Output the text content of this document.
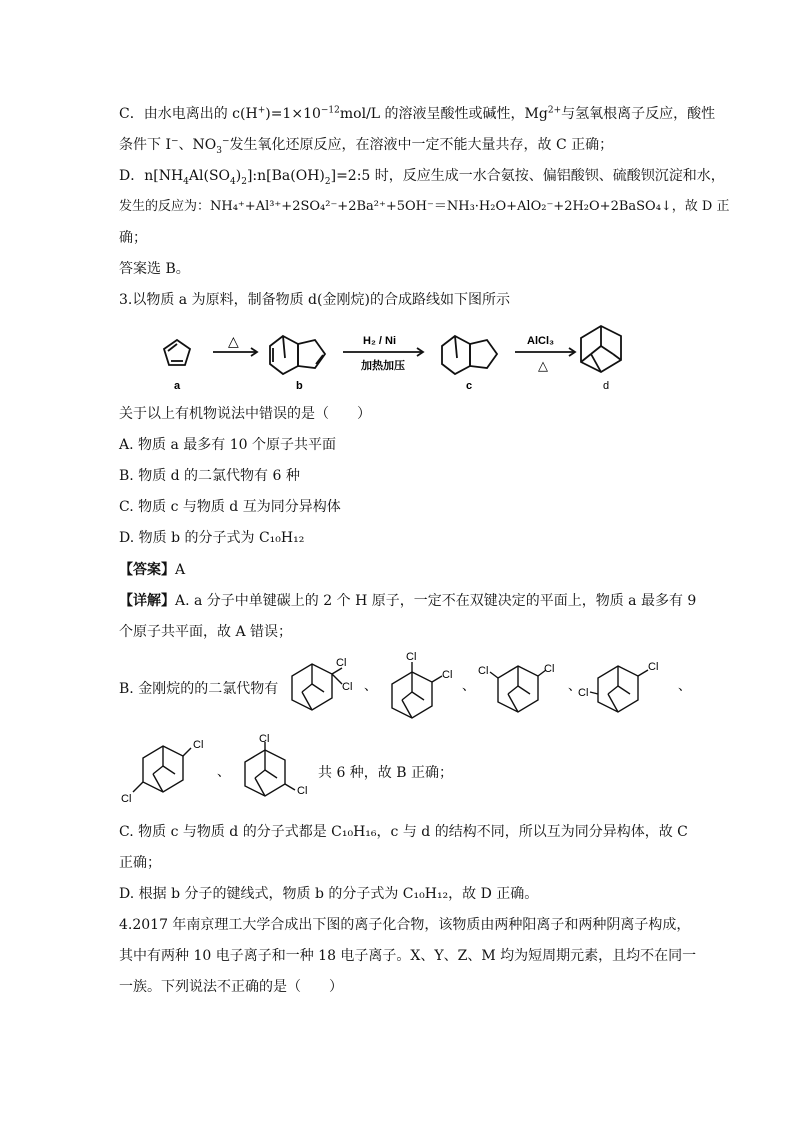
C．由水电离出的 $c(H^+)=1\times 10^{-12}mol/L$ 的溶液呈酸性或碱性，$Mg^{2+}$与氢氧根离子反应，酸性
条件下 I−、$NO_3^-$发生氧化还原反应，在溶液中一定不能大量共存，故 C 正确；
D．$n[NH_4Al(SO_4)_2]:n[Ba(OH)_2]=2:5$ 时，反应生成一水合氨按、偏铝酸钡、硫酸钡沉淀和水，
发生的反应为：NH₄⁺+Al³⁺+2SO₄²⁻+2Ba²⁺+5OH⁻＝NH₃·H₂O+AlO₂⁻+2H₂O+2BaSO₄↓，故 D 正
确；
答案选 B。
3.以物质 a 为原料，制备物质 d(金刚烷)的合成路线如下图所示
a
△
b
H₂ / Ni
加热加压
c
AlCl₃
△
d
关于以上有机物说法中错误的是（　　）
A. 物质 a 最多有 10 个原子共平面
B. 物质 d 的二氯代物有 6 种
C. 物质 c 与物质 d 互为同分异构体
D. 物质 b 的分子式为 C₁₀H₁₂
【答案】A
【详解】A. a 分子中单键碳上的 2 个 H 原子，一定不在双键决定的平面上，物质 a 最多有 9
个原子共平面，故 A 错误；
B. 金刚烷的的二氯代物有
Cl
Cl 、
Cl
Cl
、
Cl	Cl
、
Cl
Cl
、
Cl
Cl
、
Cl
Cl
共 6 种，故 B 正确；
C. 物质 c 与物质 d 的分子式都是 C₁₀H₁₆，c 与 d 的结构不同，所以互为同分异构体，故 C
正确；
D. 根据 b 分子的键线式，物质 b 的分子式为 C₁₀H₁₂，故 D 正确。
4.2017 年南京理工大学合成出下图的离子化合物，该物质由两种阳离子和两种阴离子构成，
其中有两种 10 电子离子和一种 18 电子离子。X、Y、Z、M 均为短周期元素，且均不在同一
一族。下列说法不正确的是（　　）
